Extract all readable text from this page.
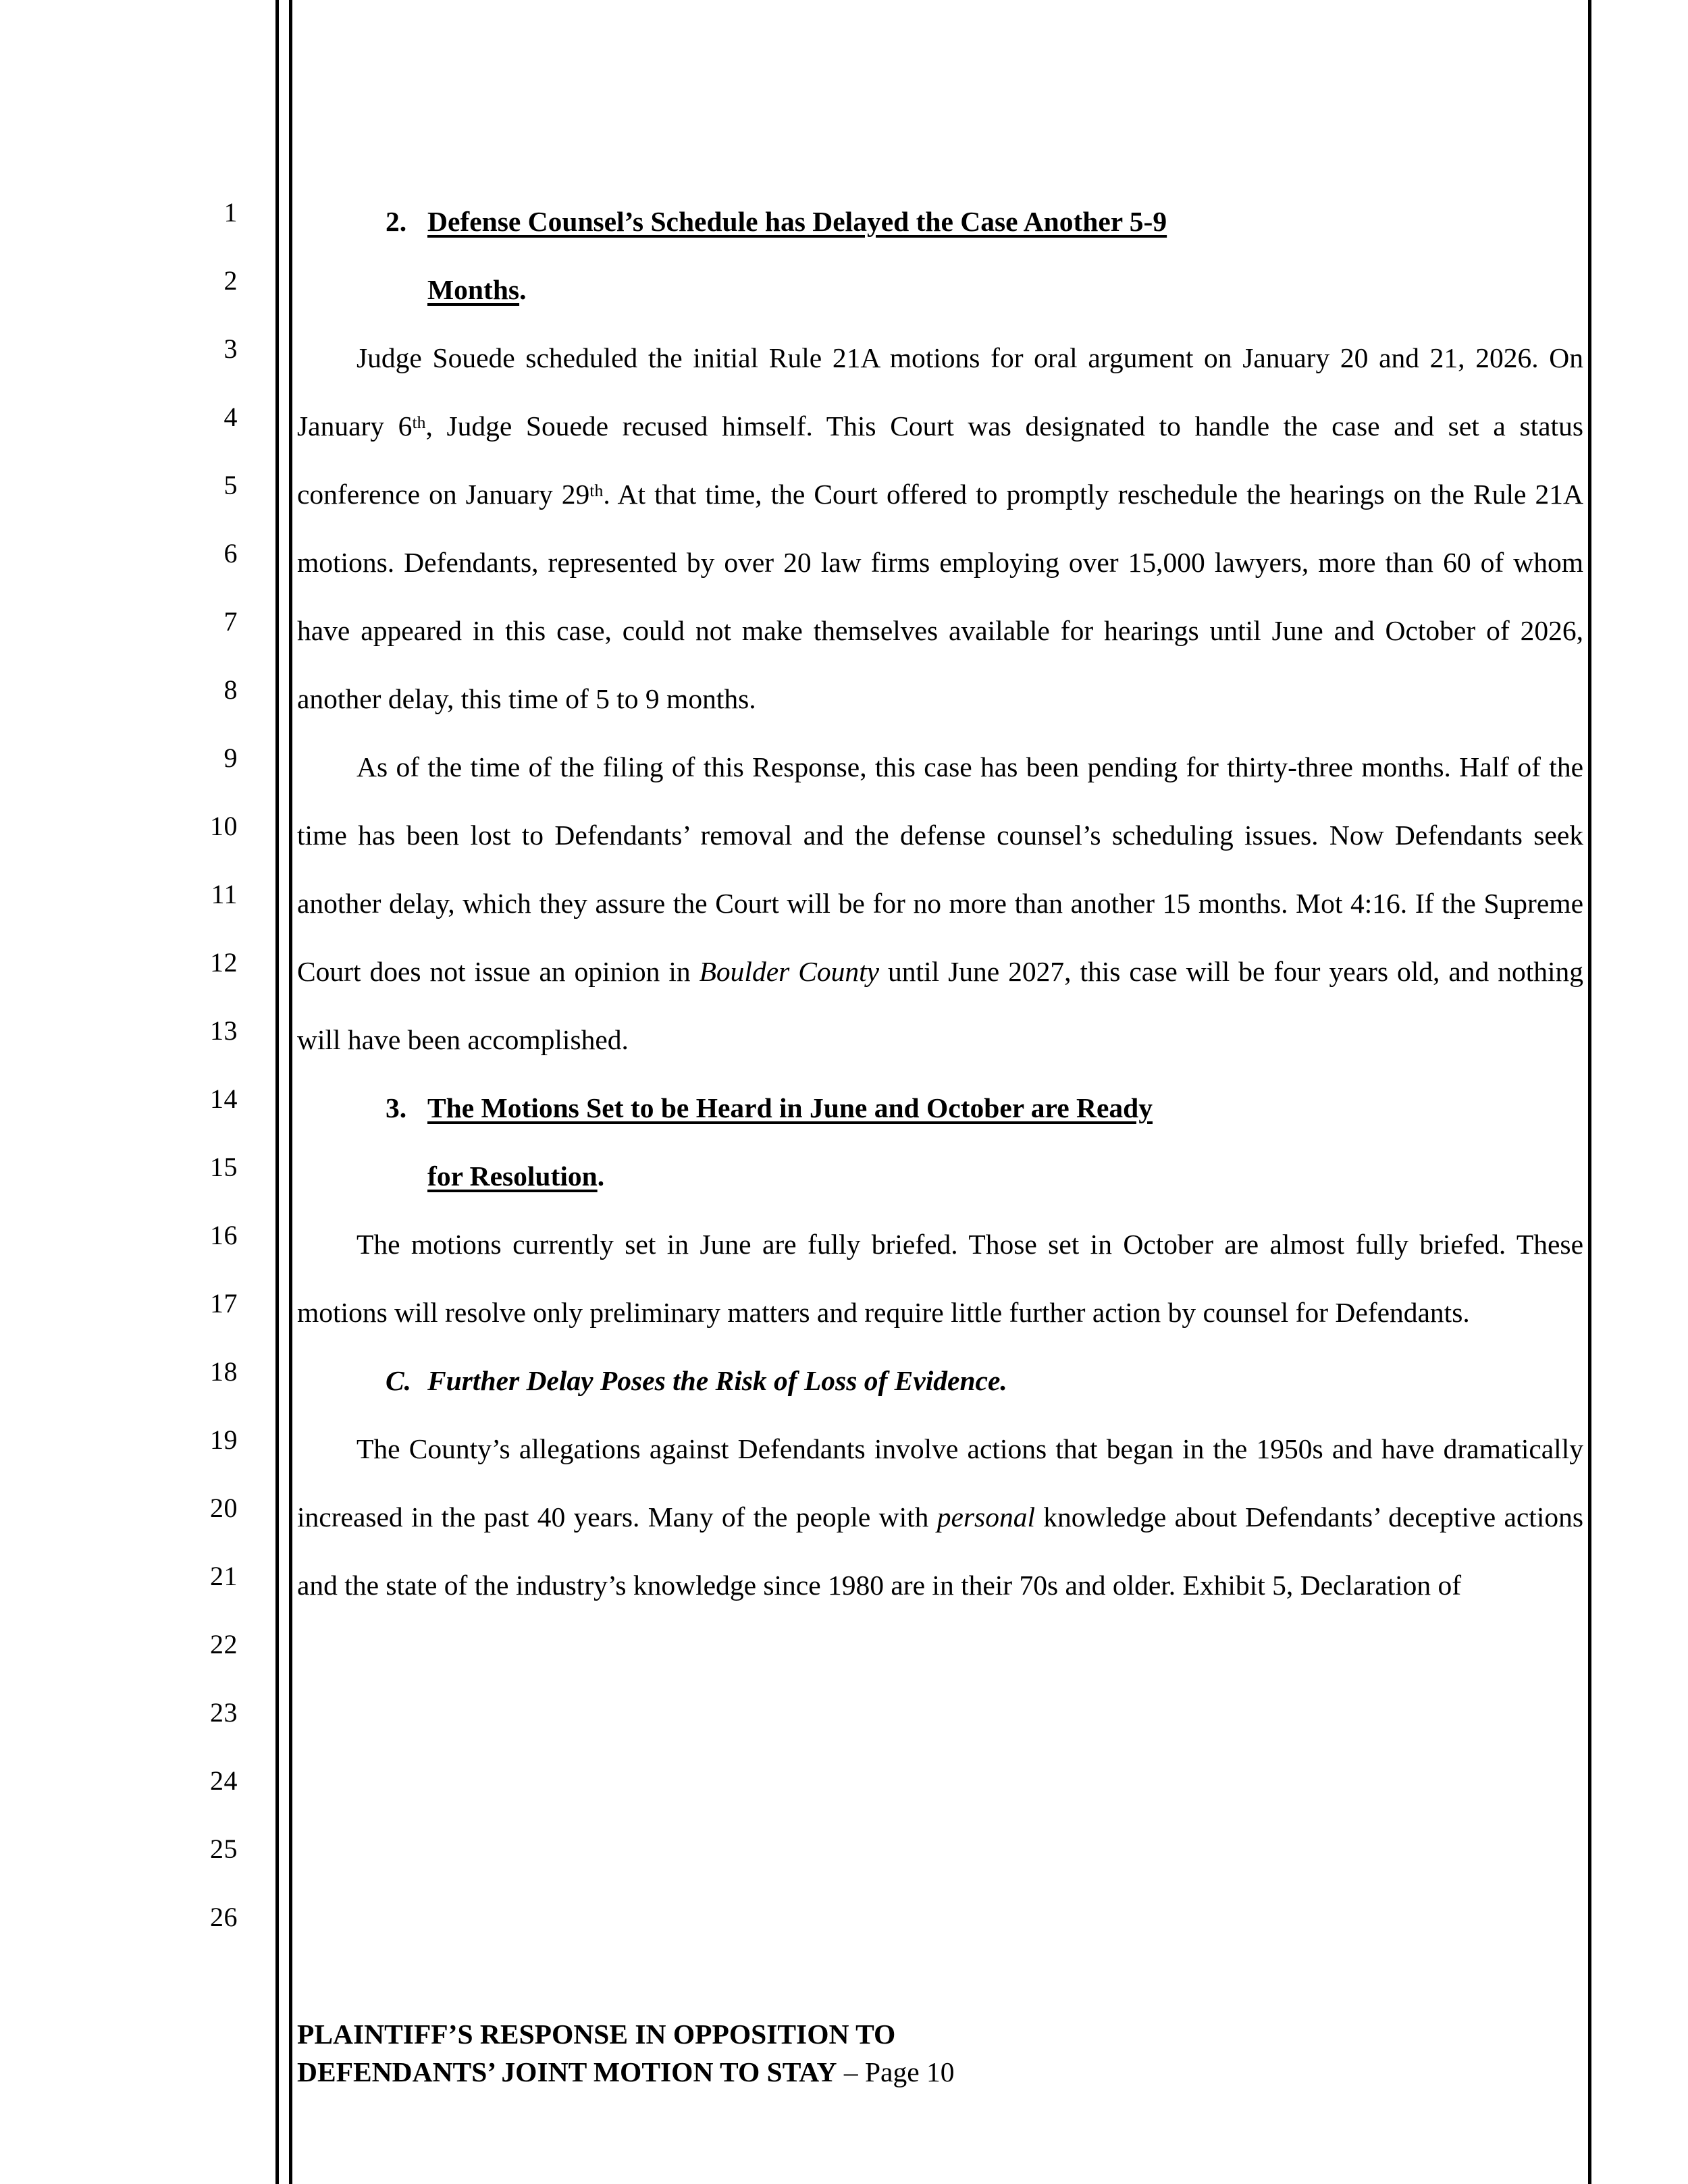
1
2
3
4
5
6
7
8
9
10
11
12
13
14
15
16
17
18
19
20
21
22
23
24
25
26
2. Defense Counsel’s Schedule has Delayed the Case Another 5-9
Months.

Judge Souede scheduled the initial Rule 21A motions for oral argument on January 20 and 21, 2026. On January 6th, Judge Souede recused himself. This Court was designated to handle the case and set a status conference on January 29th. At that time, the Court offered to promptly reschedule the hearings on the Rule 21A motions. Defendants, represented by over 20 law firms employing over 15,000 lawyers, more than 60 of whom have appeared in this case, could not make themselves available for hearings until June and October of 2026, another delay, this time of 5 to 9 months.

As of the time of the filing of this Response, this case has been pending for thirty-three months. Half of the time has been lost to Defendants’ removal and the defense counsel’s scheduling issues. Now Defendants seek another delay, which they assure the Court will be for no more than another 15 months. Mot 4:16. If the Supreme Court does not issue an opinion in Boulder County until June 2027, this case will be four years old, and nothing will have been accomplished.

3. The Motions Set to be Heard in June and October are Ready
for Resolution.

The motions currently set in June are fully briefed. Those set in October are almost fully briefed. These motions will resolve only preliminary matters and require little further action by counsel for Defendants.

C. Further Delay Poses the Risk of Loss of Evidence.

The County’s allegations against Defendants involve actions that began in the 1950s and have dramatically increased in the past 40 years. Many of the people with personal knowledge about Defendants’ deceptive actions and the state of the industry’s knowledge since 1980 are in their 70s and older. Exhibit 5, Declaration of

PLAINTIFF’S RESPONSE IN OPPOSITION TO
DEFENDANTS’ JOINT MOTION TO STAY – Page 10
